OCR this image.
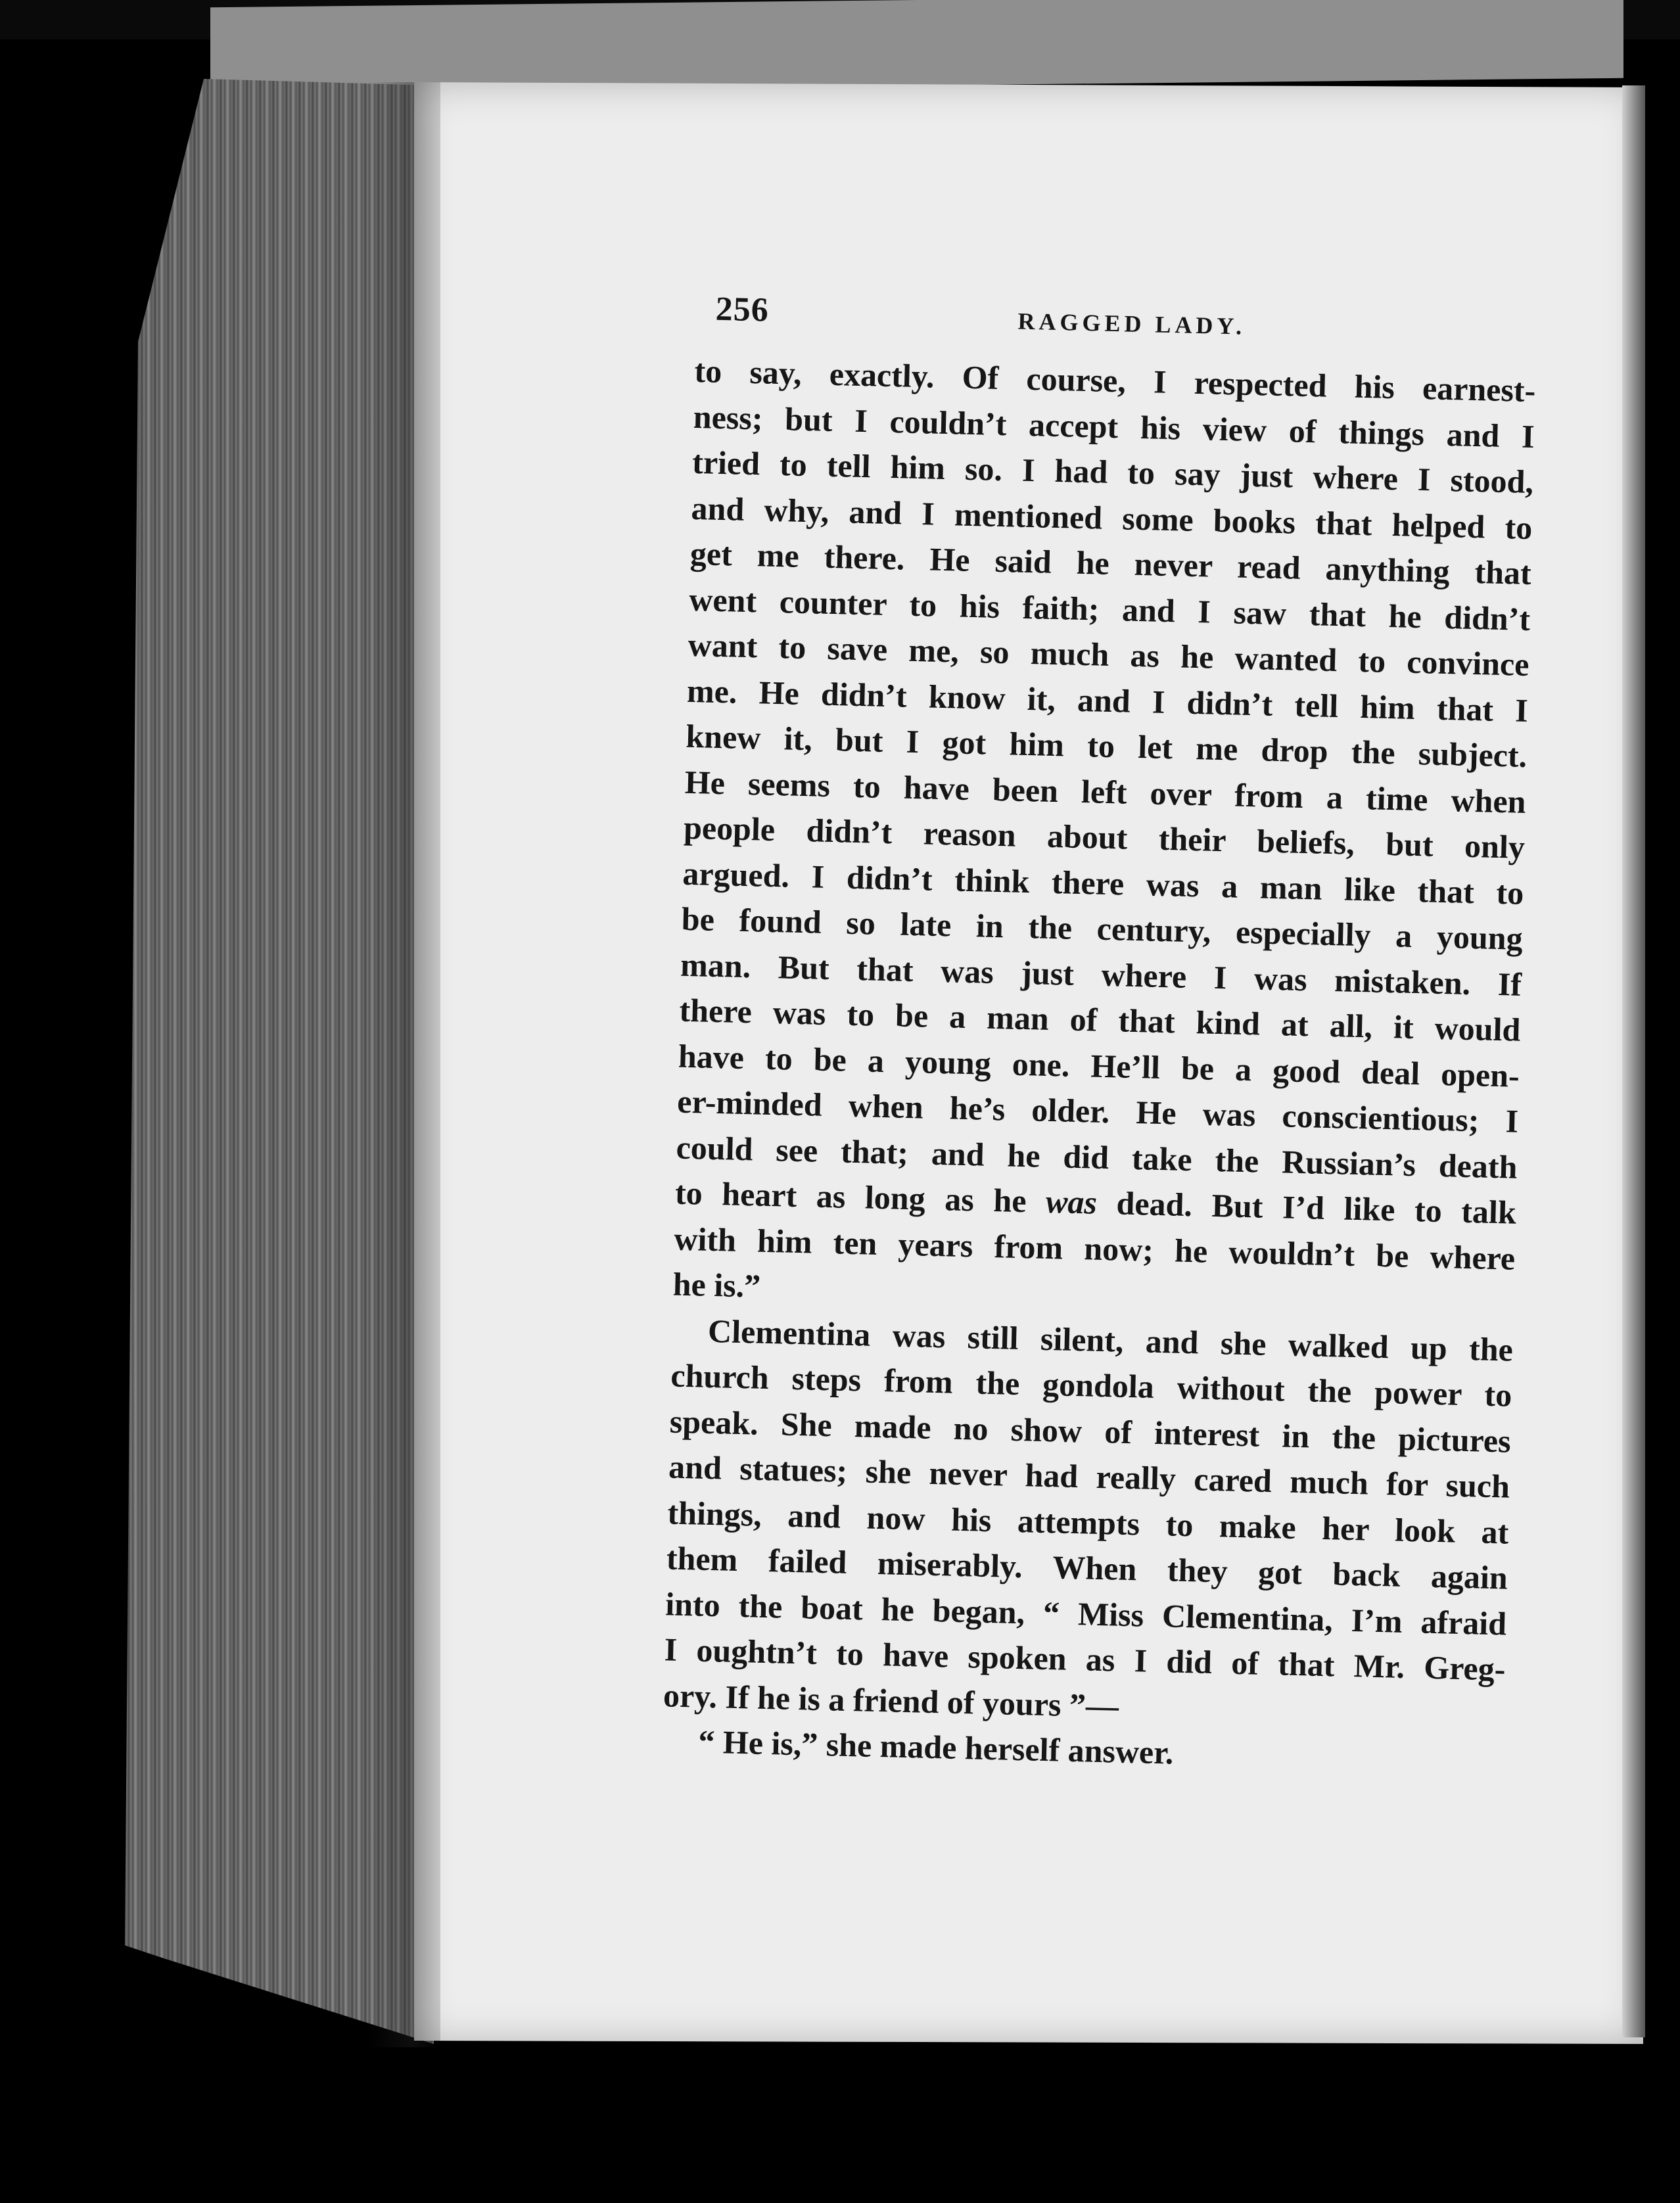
256	RAGGED LADY.
to say, exactly. Of course, I respected his earnest-
ness; but I couldn’t accept his view of things and I
tried to tell him so. I had to say just where I stood,
and why, and I mentioned some books that helped to
get me there. He said he never read anything that
went counter to his faith; and I saw that he didn’t
want to save me, so much as he wanted to convince
me. He didn’t know it, and I didn’t tell him that I
knew it, but I got him to let me drop the subject.
He seems to have been left over from a time when
people didn’t reason about their beliefs, but only
argued. I didn’t think there was a man like that to
be found so late in the century, especially a young
man. But that was just where I was mistaken. If
there was to be a man of that kind at all, it would
have to be a young one. He’ll be a good deal open-
er-minded when he’s older. He was conscientious; I
could see that; and he did take the Russian’s death
to heart as long as he was dead. But I’d like to talk
with him ten years from now; he wouldn’t be where
he is.”
Clementina was still silent, and she walked up the
church steps from the gondola without the power to
speak. She made no show of interest in the pictures
and statues; she never had really cared much for such
things, and now his attempts to make her look at
them failed miserably. When they got back again
into the boat he began, “ Miss Clementina, I’m afraid
I oughtn’t to have spoken as I did of that Mr. Greg-
ory. If he is a friend of yours ”—
“ He is,” she made herself answer.
